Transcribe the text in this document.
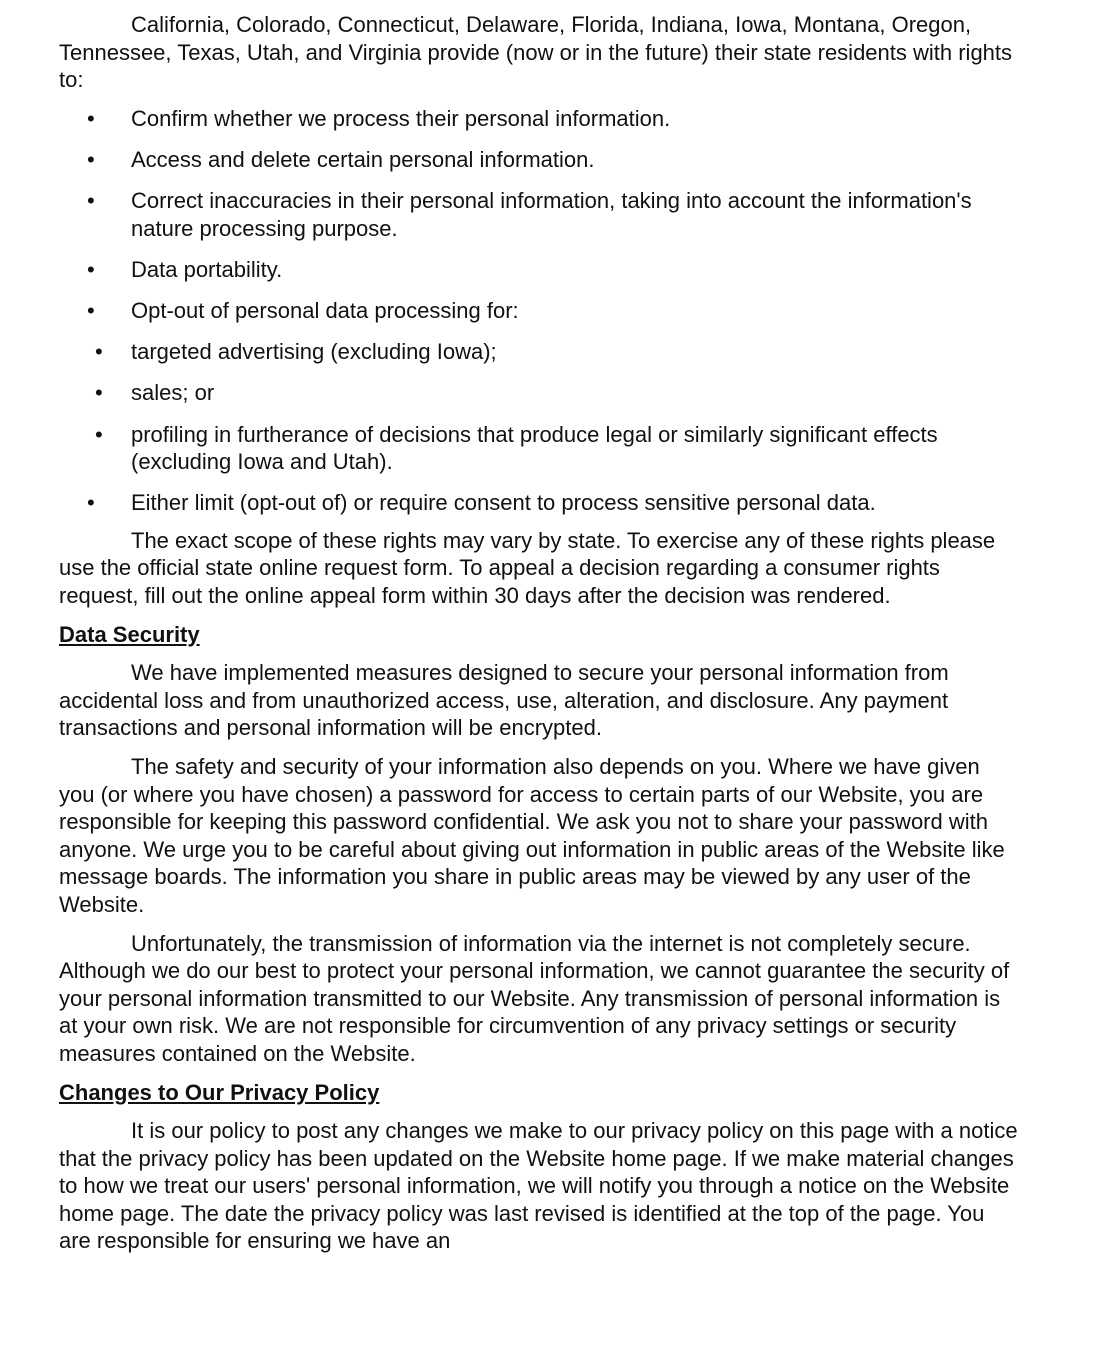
California, Colorado, Connecticut, Delaware, Florida, Indiana, Iowa, Montana, Oregon, Tennessee, Texas, Utah, and Virginia provide (now or in the future) their state residents with rights to:

• Confirm whether we process their personal information.
• Access and delete certain personal information.
• Correct inaccuracies in their personal information, taking into account the information's nature processing purpose.
• Data portability.
• Opt-out of personal data processing for:
• targeted advertising (excluding Iowa);
• sales; or
• profiling in furtherance of decisions that produce legal or similarly significant effects (excluding Iowa and Utah).
• Either limit (opt-out of) or require consent to process sensitive personal data.

The exact scope of these rights may vary by state. To exercise any of these rights please use the official state online request form. To appeal a decision regarding a consumer rights request, fill out the online appeal form within 30 days after the decision was rendered.

Data Security

We have implemented measures designed to secure your personal information from accidental loss and from unauthorized access, use, alteration, and disclosure. Any payment transactions and personal information will be encrypted.

The safety and security of your information also depends on you. Where we have given you (or where you have chosen) a password for access to certain parts of our Website, you are responsible for keeping this password confidential. We ask you not to share your password with anyone. We urge you to be careful about giving out information in public areas of the Website like message boards. The information you share in public areas may be viewed by any user of the Website.

Unfortunately, the transmission of information via the internet is not completely secure. Although we do our best to protect your personal information, we cannot guarantee the security of your personal information transmitted to our Website. Any transmission of personal information is at your own risk. We are not responsible for circumvention of any privacy settings or security measures contained on the Website.

Changes to Our Privacy Policy

It is our policy to post any changes we make to our privacy policy on this page with a notice that the privacy policy has been updated on the Website home page. If we make material changes to how we treat our users' personal information, we will notify you through a notice on the Website home page. The date the privacy policy was last revised is identified at the top of the page. You are responsible for ensuring we have an
